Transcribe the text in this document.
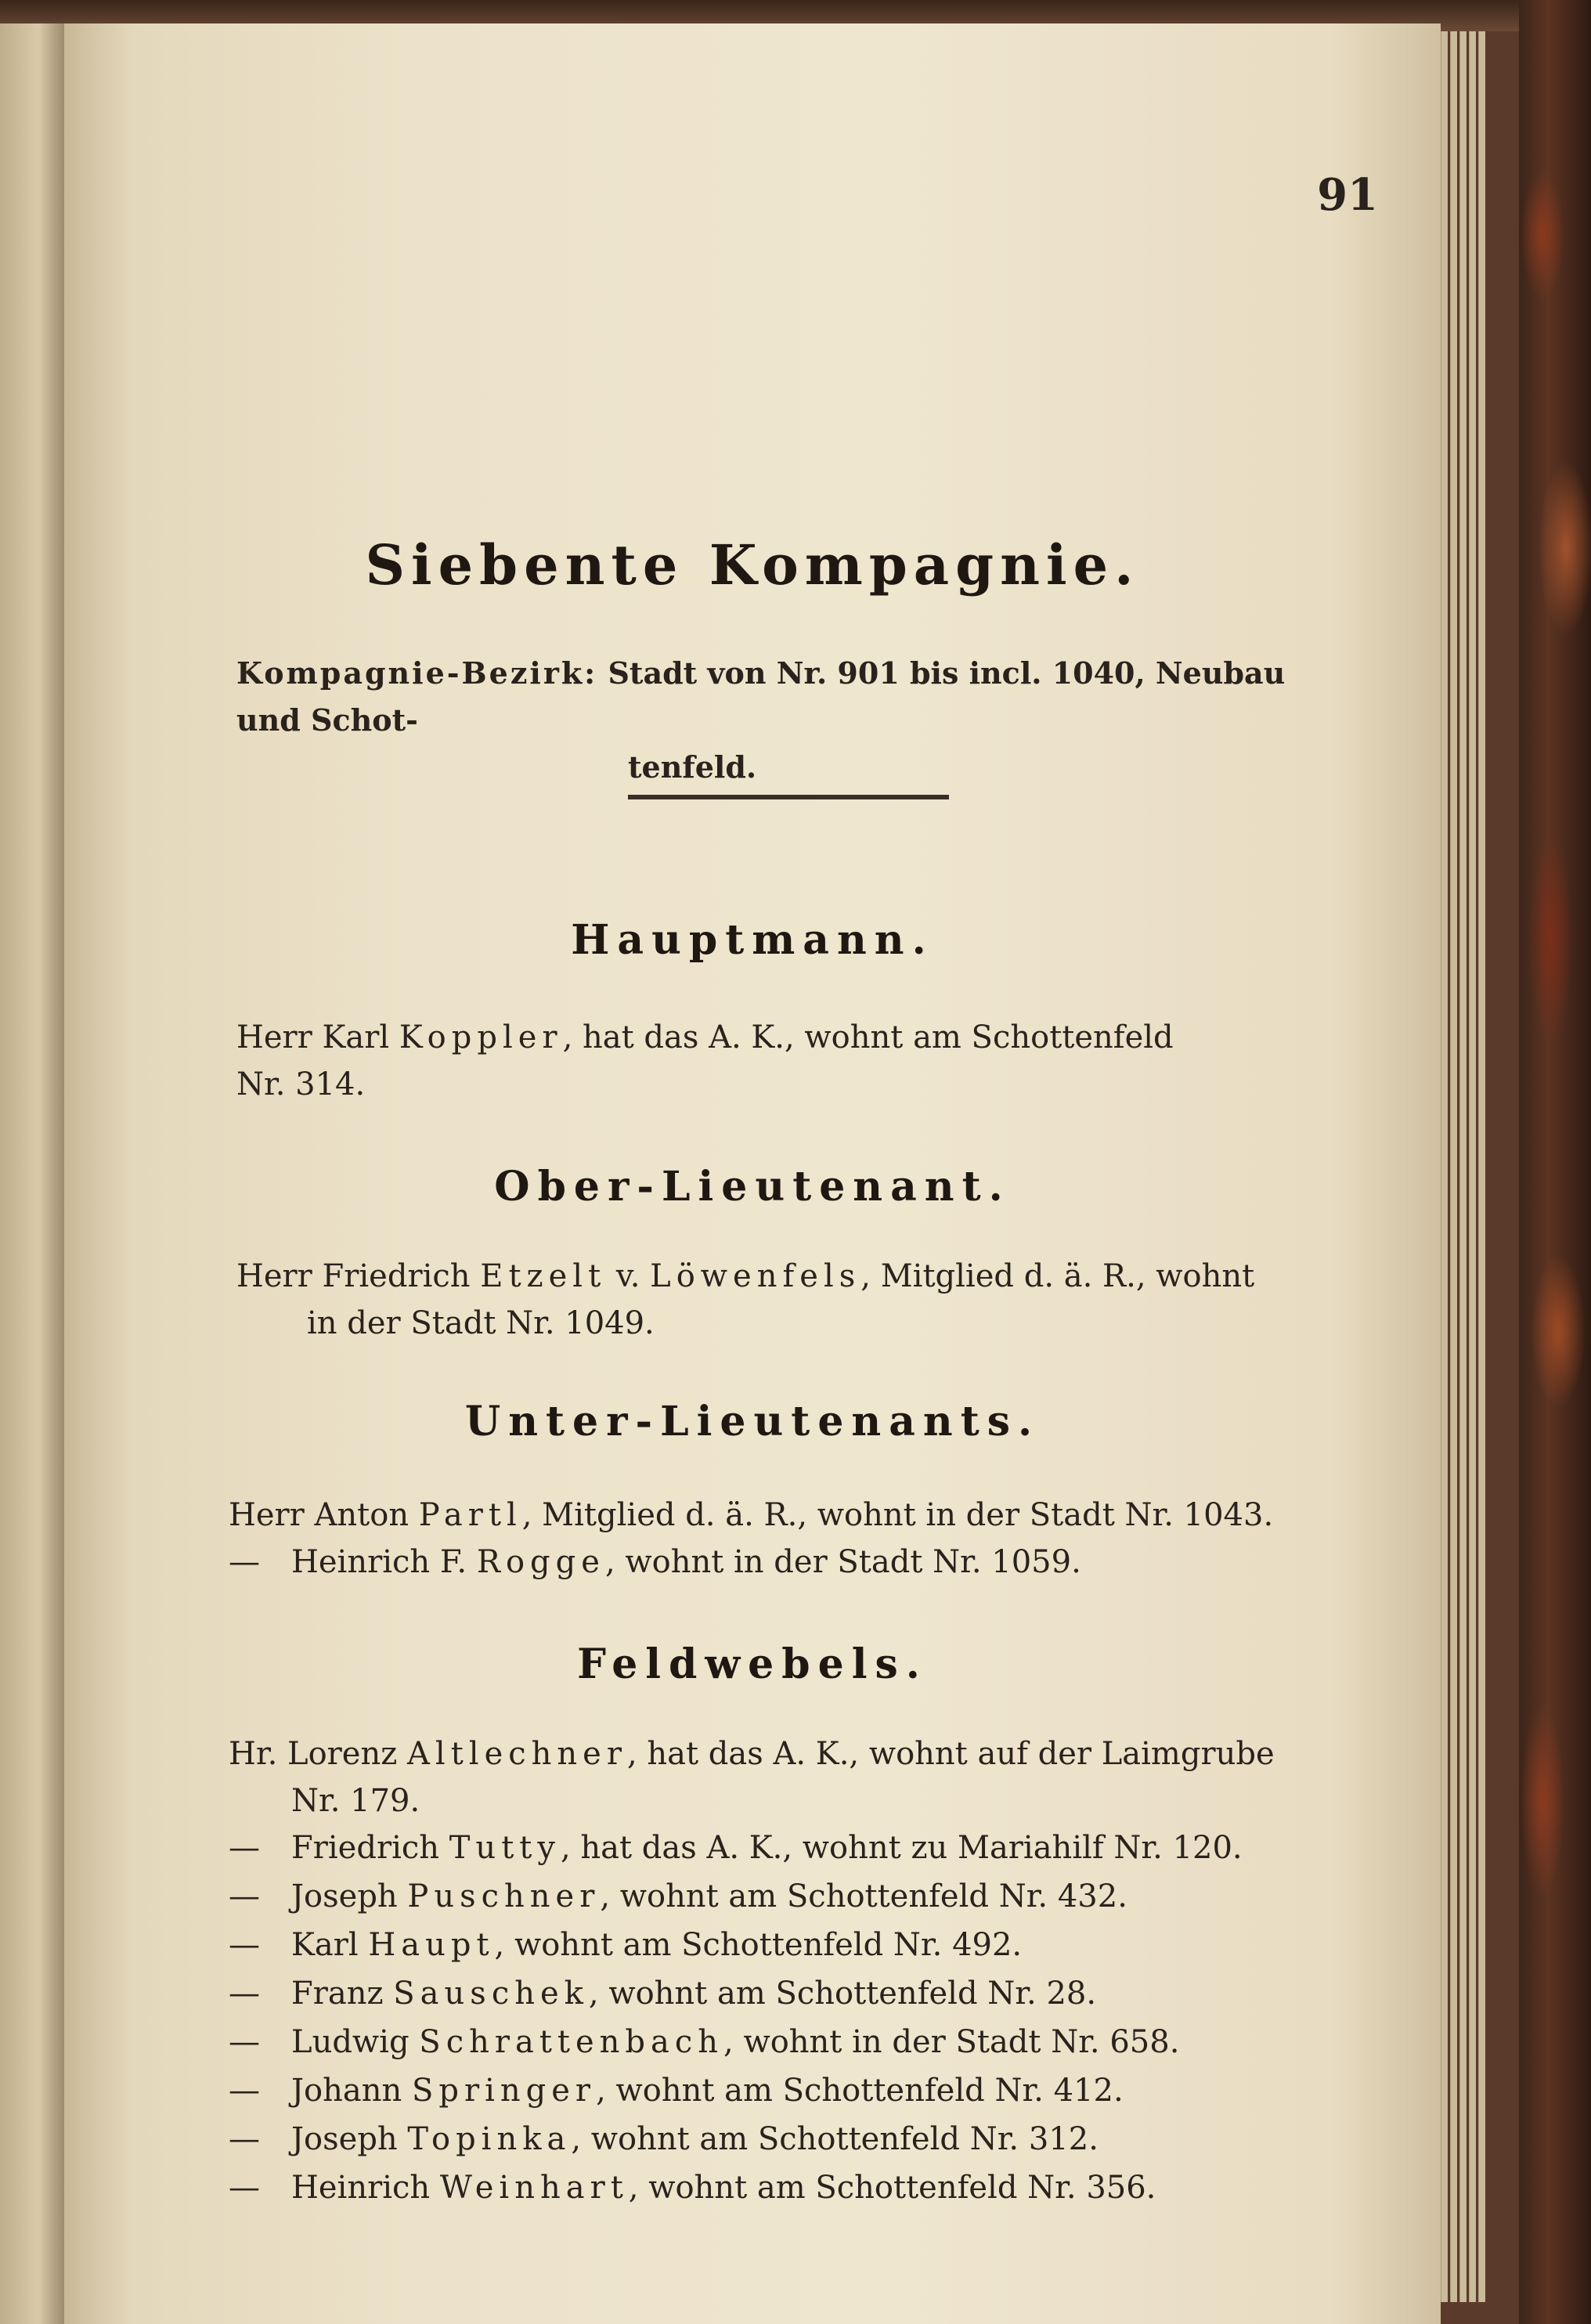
91
Siebente Kompagnie.
Kompagnie-Bezirk: Stadt von Nr. 901 bis incl. 1040, Neubau und Schot-
tenfeld.
Hauptmann.
Herr Karl Koppler, hat das A. K., wohnt am Schottenfeld
Nr. 314.
Ober-Lieutenant.
Herr Friedrich Etzelt v. Löwenfels, Mitglied d. ä. R., wohnt
in der Stadt Nr. 1049.
Unter-Lieutenants.
Herr Anton Partl, Mitglied d. ä. R., wohnt in der Stadt Nr. 1043.
— Heinrich F. Rogge, wohnt in der Stadt Nr. 1059.
Feldwebels.
Hr. Lorenz Altlechner, hat das A. K., wohnt auf der Laimgrube
Nr. 179.
— Friedrich Tutty, hat das A. K., wohnt zu Mariahilf Nr. 120.
— Joseph Puschner, wohnt am Schottenfeld Nr. 432.
— Karl Haupt, wohnt am Schottenfeld Nr. 492.
— Franz Sauschek, wohnt am Schottenfeld Nr. 28.
— Ludwig Schrattenbach, wohnt in der Stadt Nr. 658.
— Johann Springer, wohnt am Schottenfeld Nr. 412.
— Joseph Topinka, wohnt am Schottenfeld Nr. 312.
— Heinrich Weinhart, wohnt am Schottenfeld Nr. 356.
